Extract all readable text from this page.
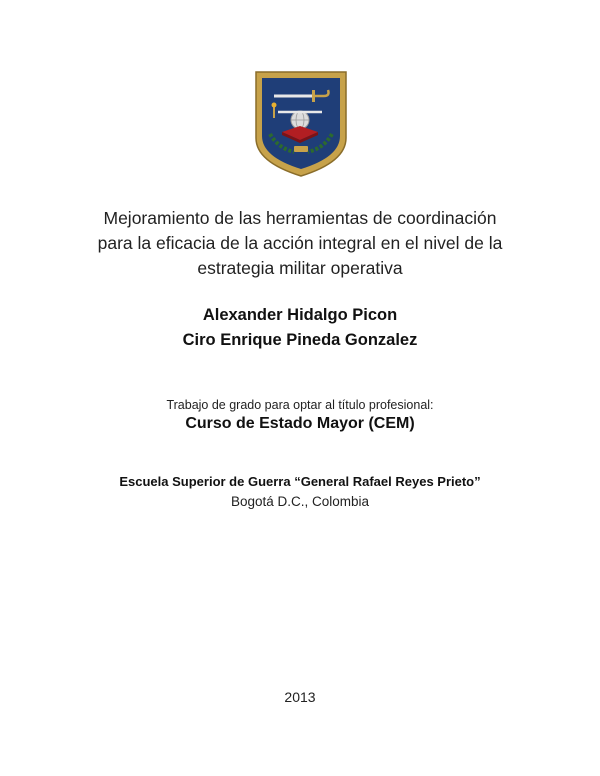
Mejoramiento de las herramientas de coordinación
para la eficacia de la acción integral en el nivel de la
estrategia militar operativa
Alexander Hidalgo Picon
Ciro Enrique Pineda Gonzalez
Trabajo de grado para optar al título profesional:
Curso de Estado Mayor (CEM)
Escuela Superior de Guerra “General Rafael Reyes Prieto”
Bogotá D.C., Colombia
2013
